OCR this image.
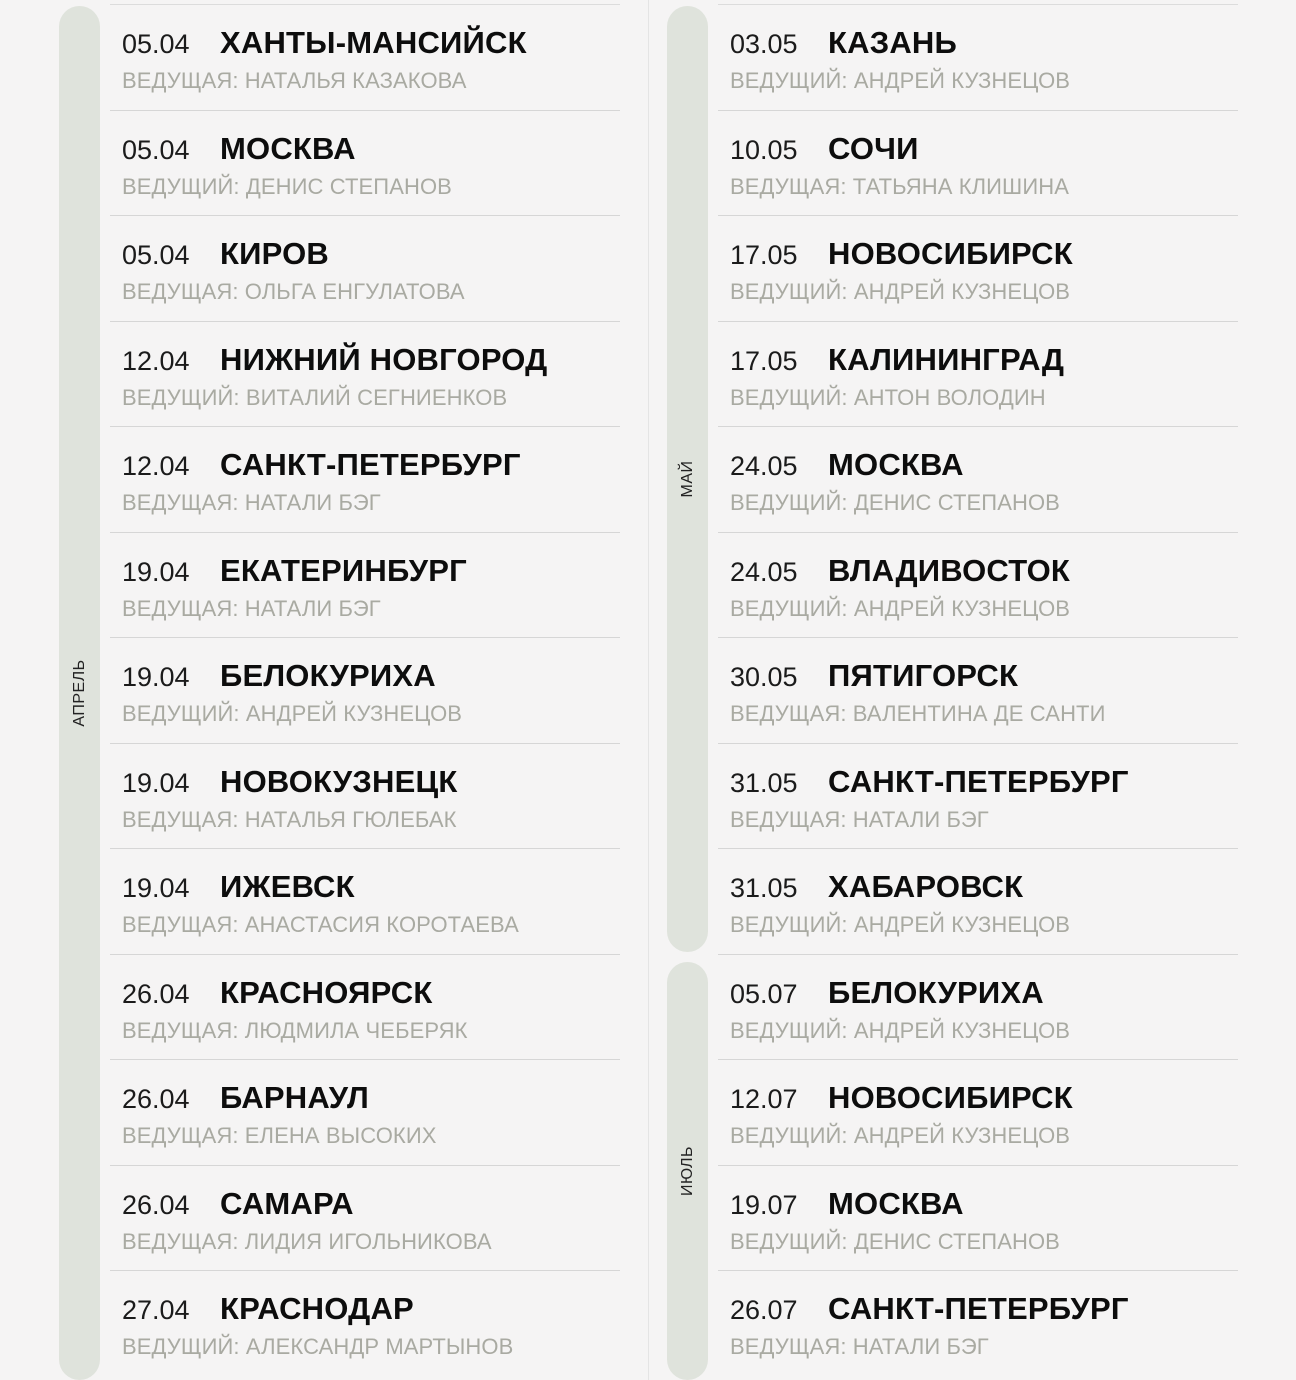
АПРЕЛЬ
МАЙ
ИЮЛЬ
05.04 ХАНТЫ-МАНСИЙСК
ВЕДУЩАЯ: НАТАЛЬЯ КАЗАКОВА
05.04 МОСКВА
ВЕДУЩИЙ: ДЕНИС СТЕПАНОВ
05.04 КИРОВ
ВЕДУЩАЯ: ОЛЬГА ЕНГУЛАТОВА
12.04 НИЖНИЙ НОВГОРОД
ВЕДУЩИЙ: ВИТАЛИЙ СЕГНИЕНКОВ
12.04 САНКТ-ПЕТЕРБУРГ
ВЕДУЩАЯ: НАТАЛИ БЭГ
19.04 ЕКАТЕРИНБУРГ
ВЕДУЩАЯ: НАТАЛИ БЭГ
19.04 БЕЛОКУРИХА
ВЕДУЩИЙ: АНДРЕЙ КУЗНЕЦОВ
19.04 НОВОКУЗНЕЦК
ВЕДУЩАЯ: НАТАЛЬЯ ГЮЛЕБАК
19.04 ИЖЕВСК
ВЕДУЩАЯ: АНАСТАСИЯ КОРОТАЕВА
26.04 КРАСНОЯРСК
ВЕДУЩАЯ: ЛЮДМИЛА ЧЕБЕРЯК
26.04 БАРНАУЛ
ВЕДУЩАЯ: ЕЛЕНА ВЫСОКИХ
26.04 САМАРА
ВЕДУЩАЯ: ЛИДИЯ ИГОЛЬНИКОВА
27.04 КРАСНОДАР
ВЕДУЩИЙ: АЛЕКСАНДР МАРТЫНОВ
03.05 КАЗАНЬ
ВЕДУЩИЙ: АНДРЕЙ КУЗНЕЦОВ
10.05 СОЧИ
ВЕДУЩАЯ: ТАТЬЯНА КЛИШИНА
17.05 НОВОСИБИРСК
ВЕДУЩИЙ: АНДРЕЙ КУЗНЕЦОВ
17.05 КАЛИНИНГРАД
ВЕДУЩИЙ: АНТОН ВОЛОДИН
24.05 МОСКВА
ВЕДУЩИЙ: ДЕНИС СТЕПАНОВ
24.05 ВЛАДИВОСТОК
ВЕДУЩИЙ: АНДРЕЙ КУЗНЕЦОВ
30.05 ПЯТИГОРСК
ВЕДУЩАЯ: ВАЛЕНТИНА ДЕ САНТИ
31.05 САНКТ-ПЕТЕРБУРГ
ВЕДУЩАЯ: НАТАЛИ БЭГ
31.05 ХАБАРОВСК
ВЕДУЩИЙ: АНДРЕЙ КУЗНЕЦОВ
05.07 БЕЛОКУРИХА
ВЕДУЩИЙ: АНДРЕЙ КУЗНЕЦОВ
12.07 НОВОСИБИРСК
ВЕДУЩИЙ: АНДРЕЙ КУЗНЕЦОВ
19.07 МОСКВА
ВЕДУЩИЙ: ДЕНИС СТЕПАНОВ
26.07 САНКТ-ПЕТЕРБУРГ
ВЕДУЩАЯ: НАТАЛИ БЭГ
